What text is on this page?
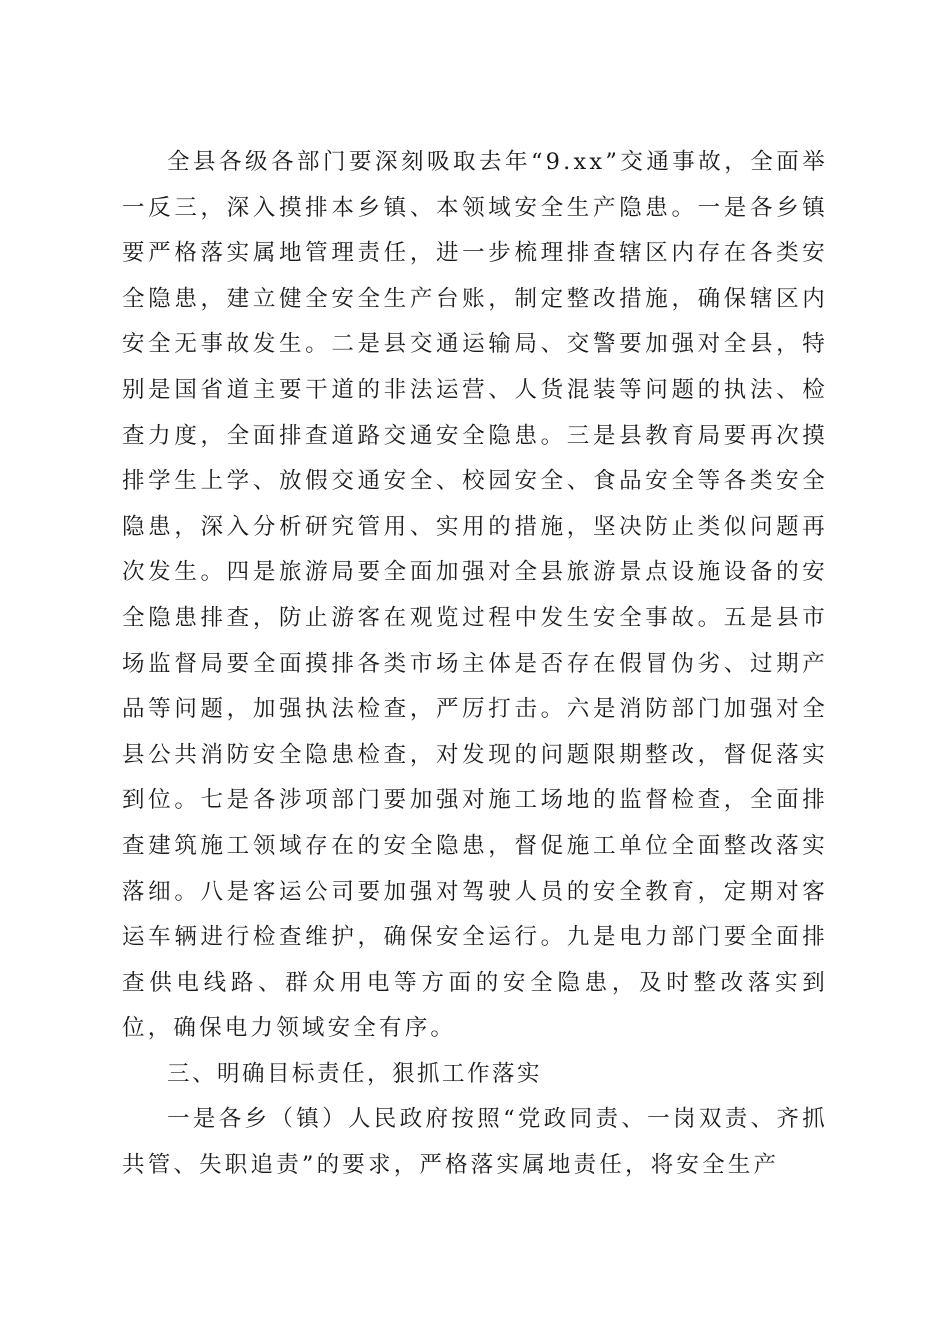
全县各级各部门要深刻吸取去年“9.xx”交通事故，全面举一反三，深入摸排本乡镇、本领域安全生产隐患。一是各乡镇要严格落实属地管理责任，进一步梳理排查辖区内存在各类安全隐患，建立健全安全生产台账，制定整改措施，确保辖区内安全无事故发生。二是县交通运输局、交警要加强对全县，特别是国省道主要干道的非法运营、人货混装等问题的执法、检查力度，全面排查道路交通安全隐患。三是县教育局要再次摸排学生上学、放假交通安全、校园安全、食品安全等各类安全隐患，深入分析研究管用、实用的措施，坚决防止类似问题再次发生。四是旅游局要全面加强对全县旅游景点设施设备的安全隐患排查，防止游客在观览过程中发生安全事故。五是县市场监督局要全面摸排各类市场主体是否存在假冒伪劣、过期产品等问题，加强执法检查，严厉打击。六是消防部门加强对全县公共消防安全隐患检查，对发现的问题限期整改，督促落实到位。七是各涉项部门要加强对施工场地的监督检查，全面排查建筑施工领域存在的安全隐患，督促施工单位全面整改落实落细。八是客运公司要加强对驾驶人员的安全教育，定期对客运车辆进行检查维护，确保安全运行。九是电力部门要全面排查供电线路、群众用电等方面的安全隐患，及时整改落实到位，确保电力领域安全有序。

三、明确目标责任，狠抓工作落实

一是各乡（镇）人民政府按照“党政同责、一岗双责、齐抓共管、失职追责”的要求，严格落实属地责任，将安全生产
